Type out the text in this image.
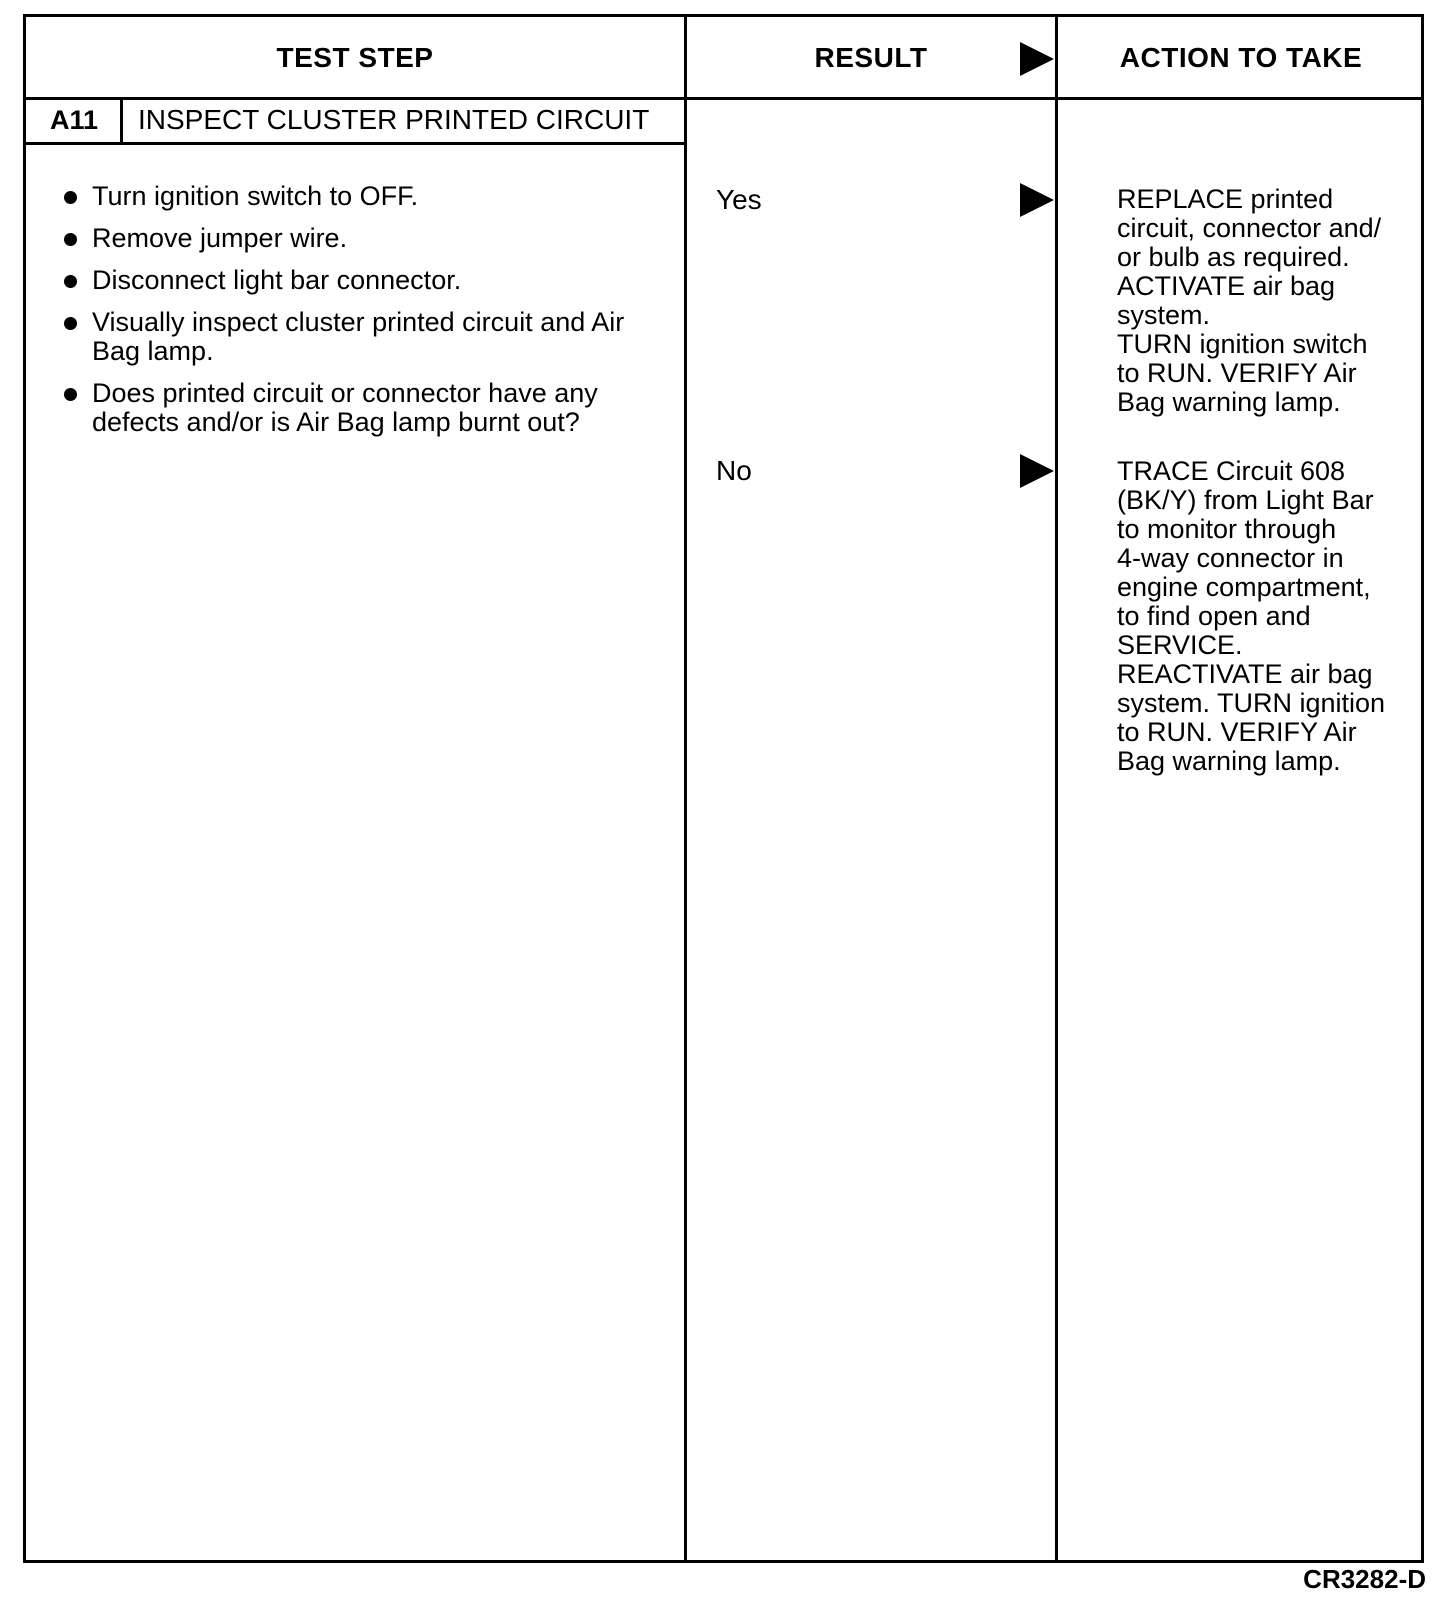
TEST STEP	RESULT	ACTION TO TAKE
A11 INSPECT CLUSTER PRINTED CIRCUIT
Turn ignition switch to OFF.
Remove jumper wire.
Disconnect light bar connector.
Visually inspect cluster printed circuit and Air Bag lamp.
Does printed circuit or connector have any defects and/or is Air Bag lamp burnt out?
Yes	REPLACE printed
circuit, connector and/
or bulb as required.
ACTIVATE air bag
system.
TURN ignition switch
to RUN. VERIFY Air
Bag warning lamp.
No	TRACE Circuit 608
(BK/Y) from Light Bar
to monitor through
4-way connector in
engine compartment,
to find open and
SERVICE.
REACTIVATE air bag
system. TURN ignition
to RUN. VERIFY Air
Bag warning lamp.
CR3282-D
